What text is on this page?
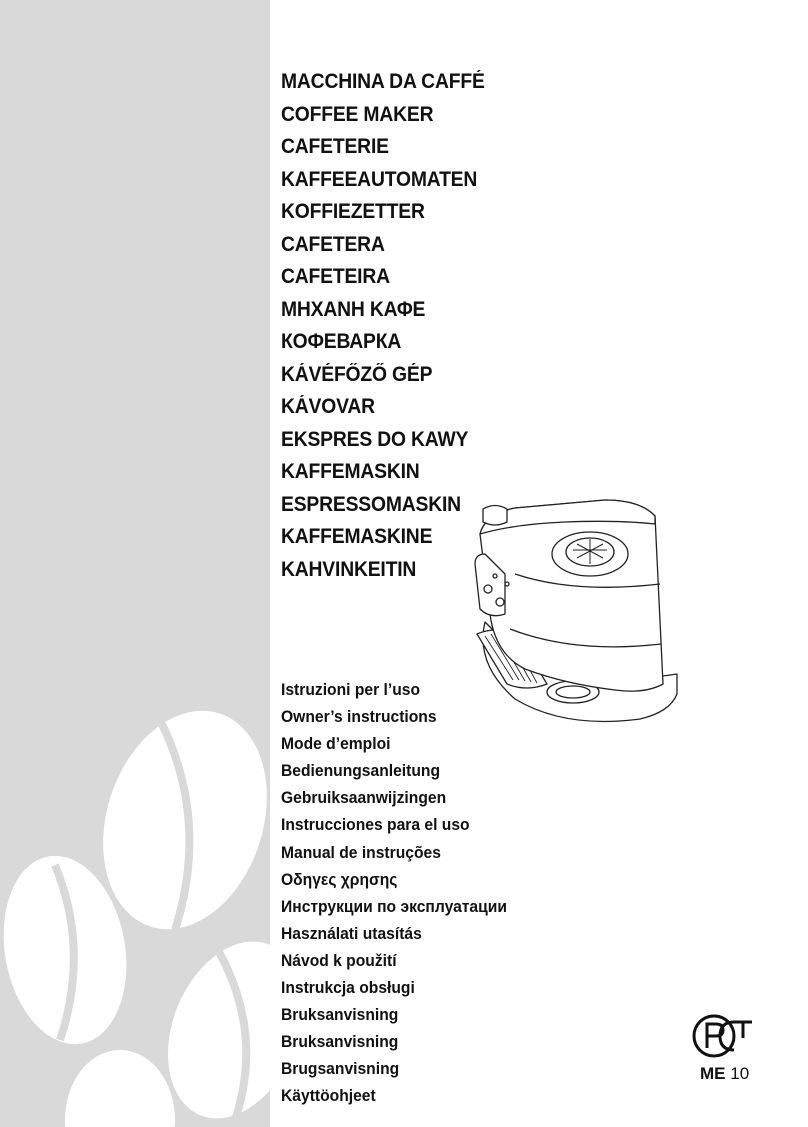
MACCHINA DA CAFFÉ
COFFEE MAKER
CAFETERIE
KAFFEEAUTOMATEN
KOFFIEZETTER
CAFETERA
CAFETEIRA
ΜΗΧΑΝΗ ΚΑΦΕ
КОФЕВАРКА
KÁVÉFŐZŐ GÉP
KÁVOVAR
EKSPRES DO KAWY
KAFFEMASKIN
ESPRESSOMASKIN
KAFFEMASKINE
KAHVINKEITIN
Istruzioni per l’uso
Owner’s instructions
Mode d’emploi
Bedienungsanleitung
Gebruiksaanwijzingen
Instrucciones para el uso
Manual de instruções
Οδηγες χρησης
Инструкции по эксплуатации
Használati utasítás
Návod k použití
Instrukcja obsługi
Bruksanvisning
Bruksanvisning
Brugsanvisning
Käyttöohjeet
ME 10
